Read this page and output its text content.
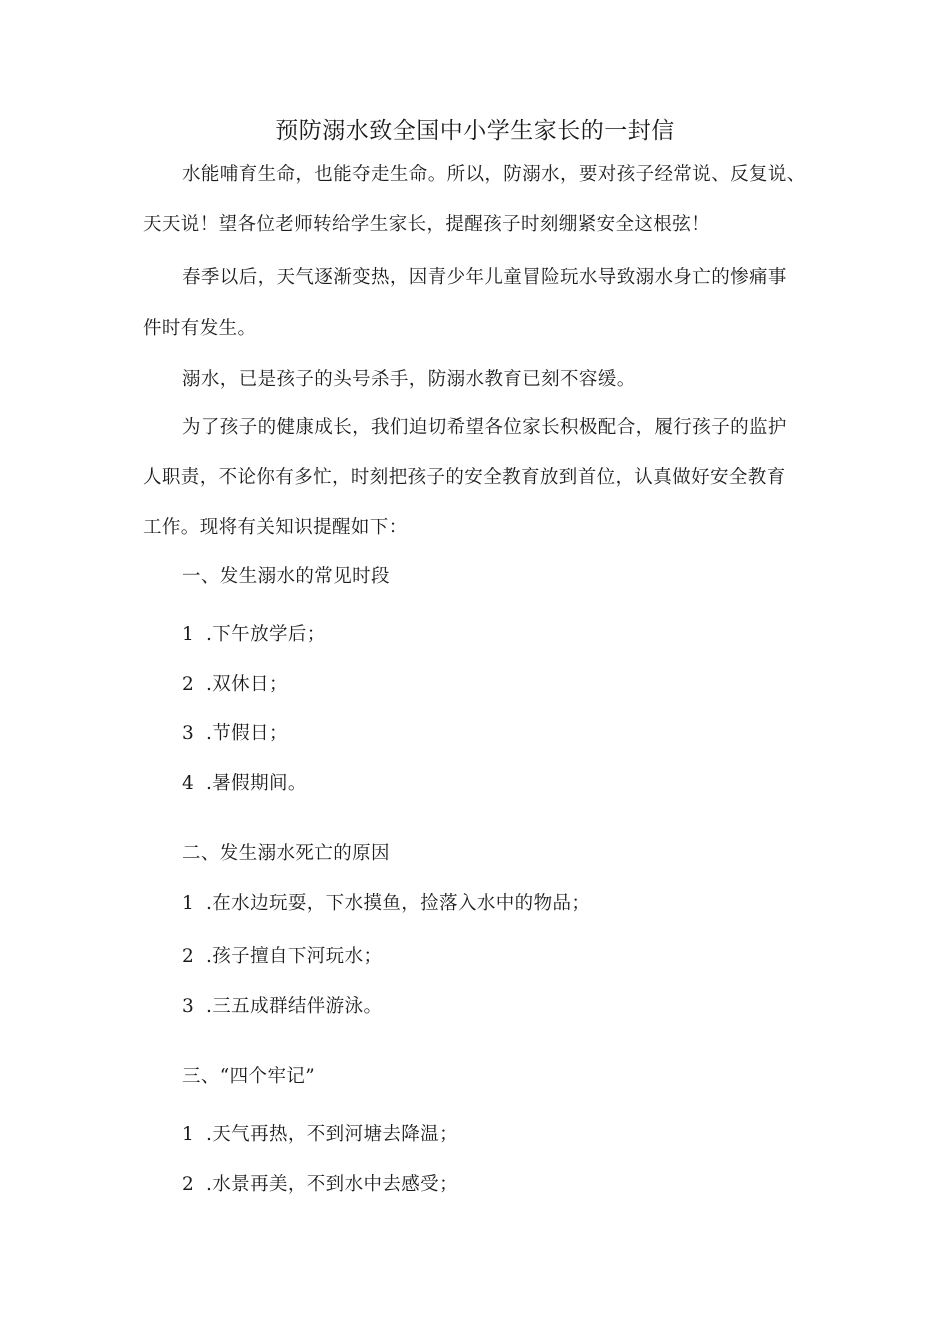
预防溺水致全国中小学生家长的一封信
水能哺育生命，也能夺走生命。所以，防溺水，要对孩子经常说、反复说、
天天说！望各位老师转给学生家长，提醒孩子时刻绷紧安全这根弦！
春季以后，天气逐渐变热，因青少年儿童冒险玩水导致溺水身亡的惨痛事
件时有发生。
溺水，已是孩子的头号杀手，防溺水教育已刻不容缓。
为了孩子的健康成长，我们迫切希望各位家长积极配合，履行孩子的监护
人职责，不论你有多忙，时刻把孩子的安全教育放到首位，认真做好安全教育
工作。现将有关知识提醒如下：
一、发生溺水的常见时段
1 .下午放学后；
2 .双休日；
3 .节假日；
4 .暑假期间。
二、发生溺水死亡的原因
1 .在水边玩耍，下水摸鱼，捡落入水中的物品；
2 .孩子擅自下河玩水；
3 .三五成群结伴游泳。
三、“四个牢记”
1 .天气再热，不到河塘去降温；
2 .水景再美，不到水中去感受；
